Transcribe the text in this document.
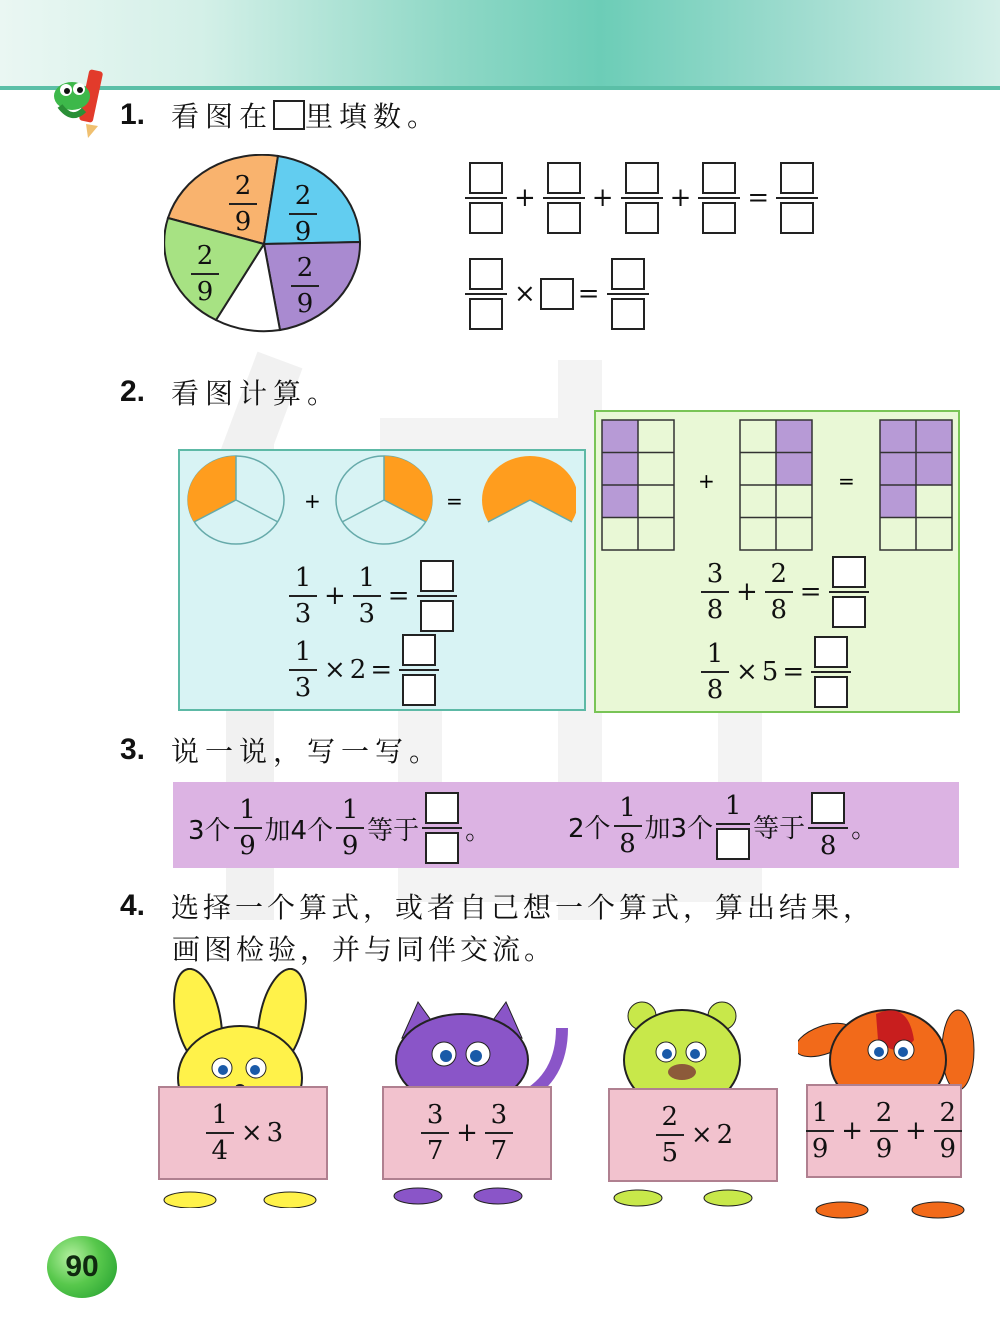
1. 看图在 里填数。
2
9
2
9
2
9
2
9
+ + + =
× =
2. 看图计算。
+	=
$\frac{1}{3} + \frac{1}{3}$ =
$\frac{1}{3} \times 2$ =
+	=
$\frac{3}{8} + \frac{2}{8}$ =
$\frac{1}{8} \times 5$ =
3. 说一说，写一写。
3个 $\frac{1}{9}$ 加4个 $\frac{1}{9}$ 等于 。	2个 $\frac{1}{8}$ 加3个
1
等于
8
。
4. 选择一个算式，或者自己想一个算式，算出结果，
画图检验，并与同伴交流。
$\frac{1}{4} \times 3$	$\frac{3}{7} + \frac{3}{7}$	$\frac{2}{5} \times 2$	$\frac{1}{9} + \frac{2}{9} + \frac{2}{9}$
90
